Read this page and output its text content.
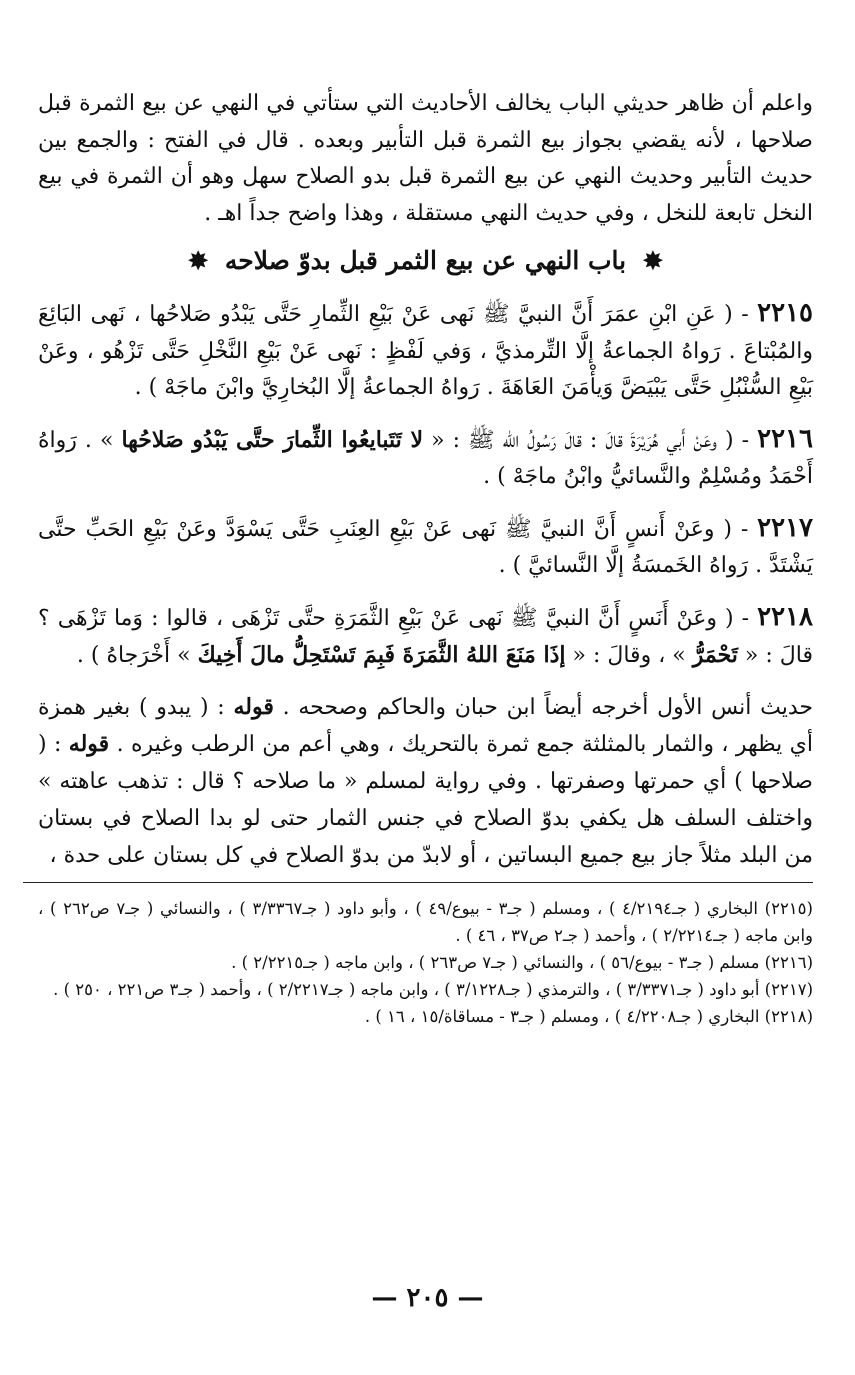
واعلم أن ظاهر حديثي الباب يخالف الأحاديث التي ستأتي في النهي عن بيع الثمرة قبل صلاحها ، لأنه يقضي بجواز بيع الثمرة قبل التأبير وبعده . قال في الفتح : والجمع بين حديث التأبير وحديث النهي عن بيع الثمرة قبل بدو الصلاح سهل وهو أن الثمرة في بيع النخل تابعة للنخل ، وفي حديث النهي مستقلة ، وهذا واضح جداً اهـ .

✸ باب النهي عن بيع الثمر قبل بدوّ صلاحه ✸

٢٢١٥ - ( عَنِ ابْنِ عمَرَ أَنَّ النبيَّ ﷺ نَهى عَنْ بَيْعِ الثِّمارِ حَتَّى يَبْدُو صَلاحُها ، نَهى البَائِعَ والمُبْتاعَ . رَواهُ الجماعةُ إلَّا التِّرمذيَّ ، وَفي لَفْظٍ : نَهى عَنْ بَيْعِ النَّخْلِ حَتَّى تَزْهُو ، وعَنْ بَيْعِ السُّنْبُلِ حَتَّى يَبْيَضَّ وَيأْمَنَ العَاهَةَ . رَواهُ الجماعةُ إلَّا البُخارِيَّ وابْنَ ماجَهْ ) .

٢٢١٦ - ( وعَنْ أَبي هُرَيْرَةَ قالَ : قالَ رَسُولُ الله ﷺ : « لا تَتَبايعُوا الثِّمارَ حتَّى يَبْدُو صَلاحُها » . رَواهُ أَحْمَدُ ومُسْلِمٌ والنَّسائيُّ وابْنُ ماجَهْ ) .

٢٢١٧ - ( وعَنْ أَنسٍ أَنَّ النبيَّ ﷺ نَهى عَنْ بَيْعِ العِنَبِ حَتَّى يَسْوَدَّ وعَنْ بَيْعِ الحَبِّ حتَّى يَشْتَدَّ . رَواهُ الخَمسَةُ إلَّا النَّسائيَّ ) .

٢٢١٨ - ( وعَنْ أَنَسٍ أَنَّ النبيَّ ﷺ نَهى عَنْ بَيْعِ الثَّمَرَةِ حتَّى تَزْهَى ، قالوا : وَما تَزْهَى ؟ قالَ : « تَحْمَرُّ » ، وقالَ : « إذَا مَنَعَ اللهُ الثَّمَرَةَ فَبِمَ تَسْتَحِلُّ مالَ أَخِيكَ » أَخْرَجاهُ ) .

حديث أنس الأول أخرجه أيضاً ابن حبان والحاكم وصححه . قوله : ( يبدو ) بغير همزة أي يظهر ، والثمار بالمثلثة جمع ثمرة بالتحريك ، وهي أعم من الرطب وغيره . قوله : ( صلاحها ) أي حمرتها وصفرتها . وفي رواية لمسلم « ما صلاحه ؟ قال : تذهب عاهته » واختلف السلف هل يكفي بدوّ الصلاح في جنس الثمار حتى لو بدا الصلاح في بستان من البلد مثلاً جاز بيع جميع البساتين ، أو لابدّ من بدوّ الصلاح في كل بستان على حدة ،

(٢٢١٥) البخاري ( جـ٤/٢١٩٤ ) ، ومسلم ( جـ٣ - بيوع/٤٩ ) ، وأبو داود ( جـ٣/٣٣٦٧ ) ، والنسائي ( جـ٧ ص٢٦٢ ) ، وابن ماجه ( جـ٢/٢٢١٤ ) ، وأحمد ( جـ٢ ص٣٧ ، ٤٦ ) .

(٢٢١٦) مسلم ( جـ٣ - بيوع/٥٦ ) ، والنسائي ( جـ٧ ص٢٦٣ ) ، وابن ماجه ( جـ٢/٢٢١٥ ) .

(٢٢١٧) أبو داود ( جـ٣/٣٣٧١ ) ، والترمذي ( جـ٣/١٢٢٨ ) ، وابن ماجه ( جـ٢/٢٢١٧ ) ، وأحمد ( جـ٣ ص٢٢١ ، ٢٥٠ ) .

(٢٢١٨) البخاري ( جـ٤/٢٢٠٨ ) ، ومسلم ( جـ٣ - مساقاة/١٥ ، ١٦ ) .

— ٢٠٥ —
